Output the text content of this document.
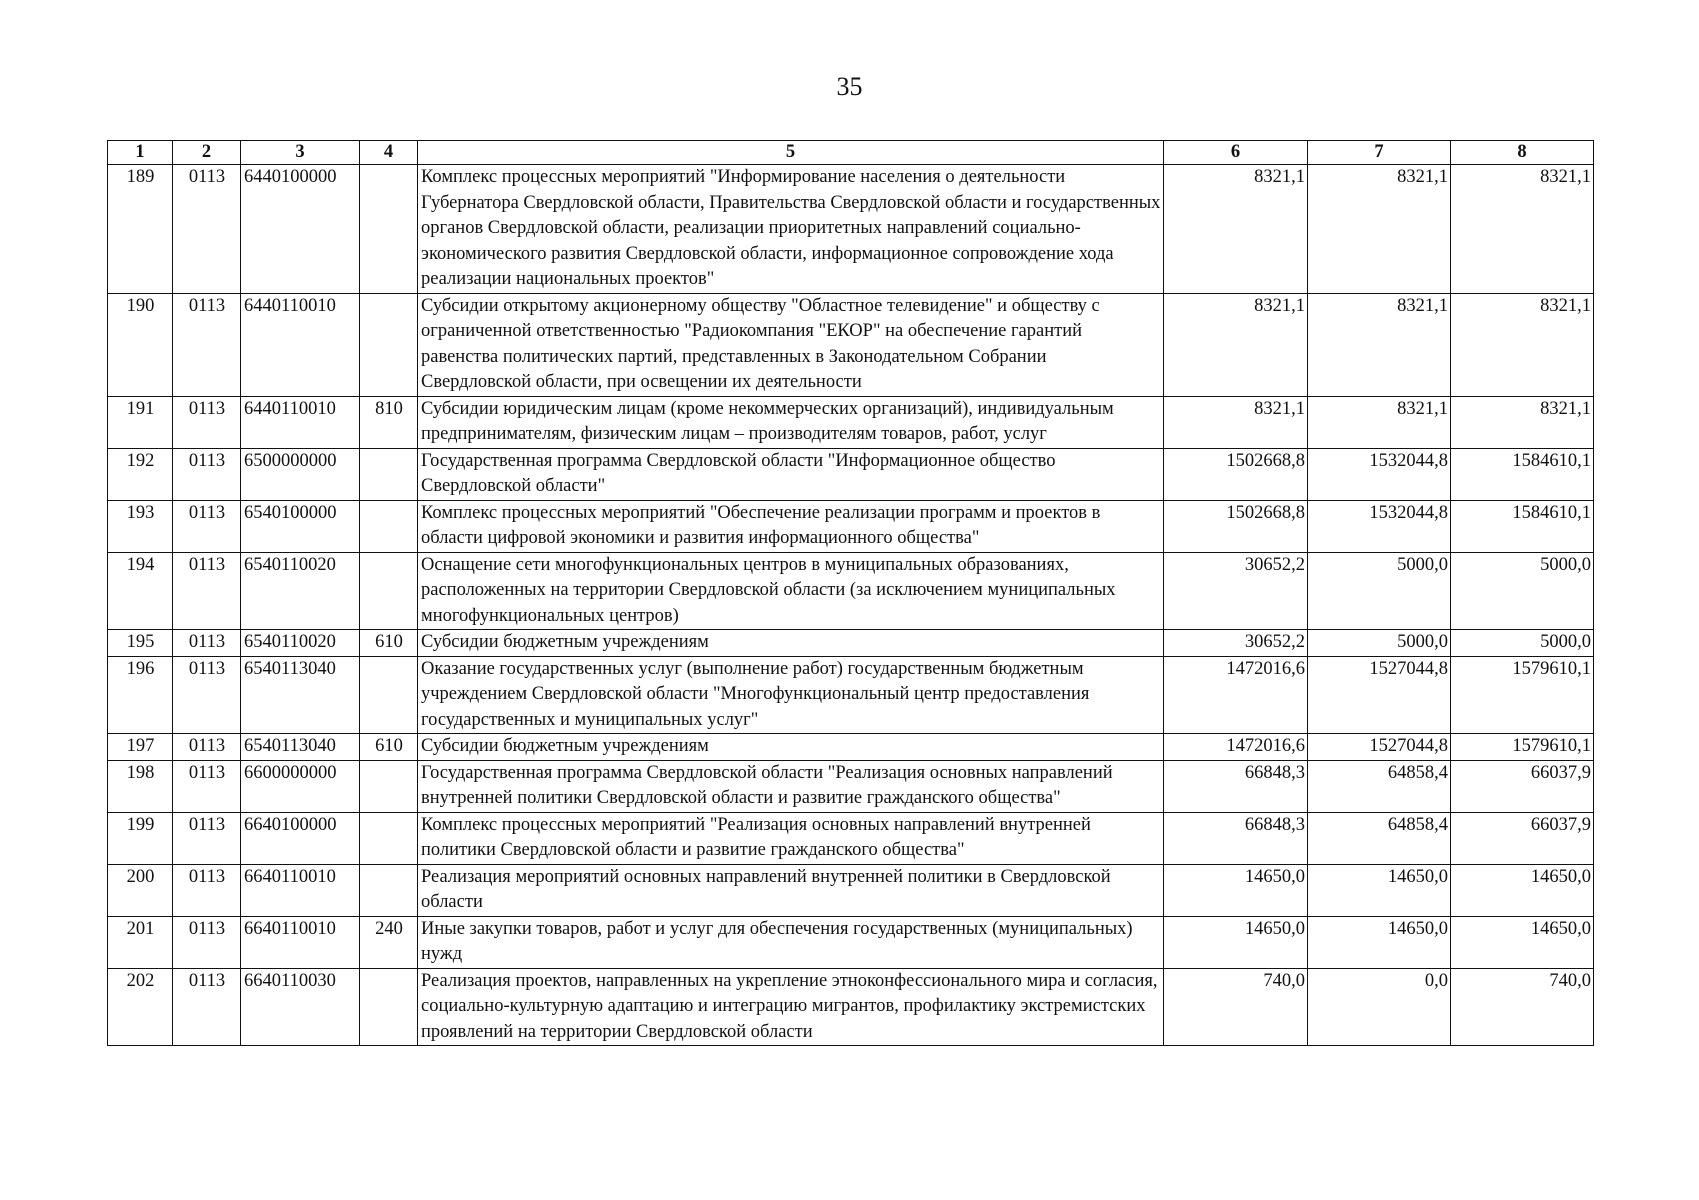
35
1	2	3	4	5	6	7	8
189	0113	6440100000		Комплекс процессных мероприятий "Информирование населения о деятельности Губернатора Свердловской области, Правительства Свердловской области и государственных органов Свердловской области, реализации приоритетных направлений социально-экономического развития Свердловской области, информационное сопровождение хода реализации национальных проектов"	8321,1	8321,1	8321,1
190	0113	6440110010		Субсидии открытому акционерному обществу "Областное телевидение" и обществу с ограниченной ответственностью "Радиокомпания "ЕКОР" на обеспечение гарантий равенства политических партий, представленных в Законодательном Собрании Свердловской области, при освещении их деятельности	8321,1	8321,1	8321,1
191	0113	6440110010	810	Субсидии юридическим лицам (кроме некоммерческих организаций), индивидуальным предпринимателям, физическим лицам – производителям товаров, работ, услуг	8321,1	8321,1	8321,1
192	0113	6500000000		Государственная программа Свердловской области "Информационное общество Свердловской области"	1502668,8	1532044,8	1584610,1
193	0113	6540100000		Комплекс процессных мероприятий "Обеспечение реализации программ и проектов в области цифровой экономики и развития информационного общества"	1502668,8	1532044,8	1584610,1
194	0113	6540110020		Оснащение сети многофункциональных центров в муниципальных образованиях, расположенных на территории Свердловской области (за исключением муниципальных многофункциональных центров)	30652,2	5000,0	5000,0
195	0113	6540110020	610	Субсидии бюджетным учреждениям	30652,2	5000,0	5000,0
196	0113	6540113040		Оказание государственных услуг (выполнение работ) государственным бюджетным учреждением Свердловской области "Многофункциональный центр предоставления государственных и муниципальных услуг"	1472016,6	1527044,8	1579610,1
197	0113	6540113040	610	Субсидии бюджетным учреждениям	1472016,6	1527044,8	1579610,1
198	0113	6600000000		Государственная программа Свердловской области "Реализация основных направлений внутренней политики Свердловской области и развитие гражданского общества"	66848,3	64858,4	66037,9
199	0113	6640100000		Комплекс процессных мероприятий "Реализация основных направлений внутренней политики Свердловской области и развитие гражданского общества"	66848,3	64858,4	66037,9
200	0113	6640110010		Реализация мероприятий основных направлений внутренней политики в Свердловской области	14650,0	14650,0	14650,0
201	0113	6640110010	240	Иные закупки товаров, работ и услуг для обеспечения государственных (муниципальных) нужд	14650,0	14650,0	14650,0
202	0113	6640110030		Реализация проектов, направленных на укрепление этноконфессионального мира и согласия, социально-культурную адаптацию и интеграцию мигрантов, профилактику экстремистских проявлений на территории Свердловской области	740,0	0,0	740,0
